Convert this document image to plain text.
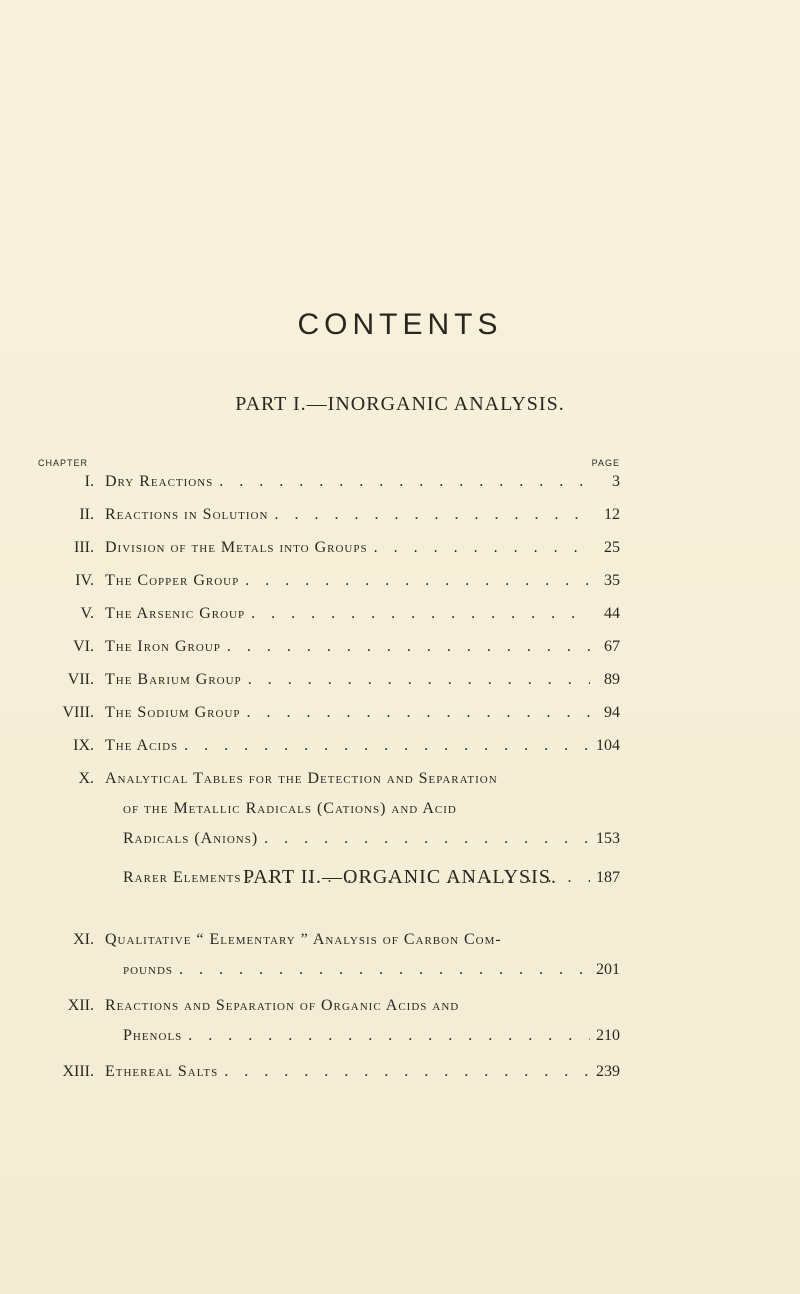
CONTENTS
PART I.—INORGANIC ANALYSIS.
CHAPTER	PAGE
I. Dry Reactions . . .	3
II. Reactions in Solution . . .	12
III. Division of the Metals into Groups . . .	25
IV. The Copper Group . . .	35
V. The Arsenic Group . . .	44
VI. The Iron Group . . .	67
VII. The Barium Group . . .	89
VIII. The Sodium Group . . .	94
IX. The Acids . . .	104
X. Analytical Tables for the Detection and Separation
of the Metallic Radicals (Cations) and Acid
Radicals (Anions) . . .	153
Rarer Elements . . .	187
PART II.—ORGANIC ANALYSIS.
XI. Qualitative “ Elementary ” Analysis of Carbon Com-
pounds . . .	201
XII. Reactions and Separation of Organic Acids and
Phenols . . .	210
XIII. Ethereal Salts . . .	239
